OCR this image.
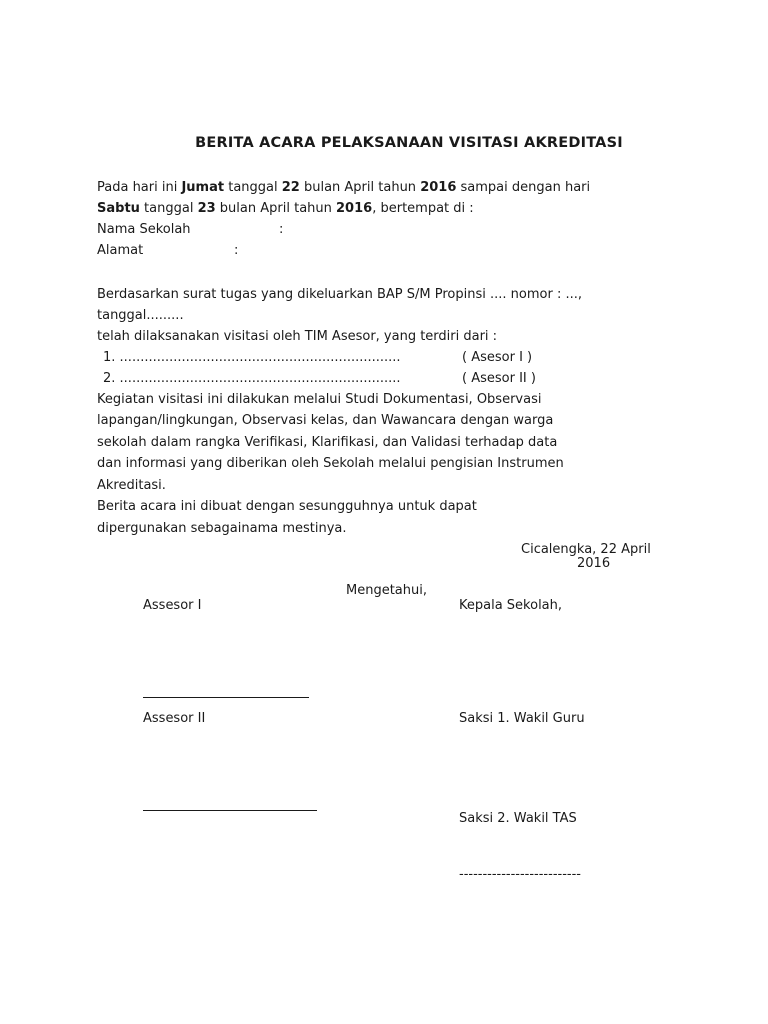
BERITA ACARA PELAKSANAAN VISITASI AKREDITASI
Pada hari ini Jumat tanggal 22 bulan April tahun 2016 sampai dengan hari
Sabtu tanggal 23 bulan April tahun 2016, bertempat di :
Nama Sekolah	:
Alamat	:
Berdasarkan surat tugas yang dikeluarkan BAP S/M Propinsi .... nomor : ...,
tanggal.........
telah dilaksanakan visitasi oleh TIM Asesor, yang terdiri dari :
1. ....................................................................	( Asesor I )
2. ....................................................................	( Asesor II )
Kegiatan visitasi ini dilakukan melalui Studi Dokumentasi, Observasi
lapangan/lingkungan, Observasi kelas, dan Wawancara dengan warga
sekolah dalam rangka Verifikasi, Klarifikasi, dan Validasi terhadap data
dan informasi yang diberikan oleh Sekolah melalui pengisian Instrumen
Akreditasi.
Berita acara ini dibuat dengan sesungguhnya untuk dapat
dipergunakan sebagainama mestinya.
Cicalengka, 22 April
2016
Mengetahui,
Assesor I	Kepala Sekolah,
Assesor II	Saksi 1. Wakil Guru
Saksi 2. Wakil TAS
--------------------------
